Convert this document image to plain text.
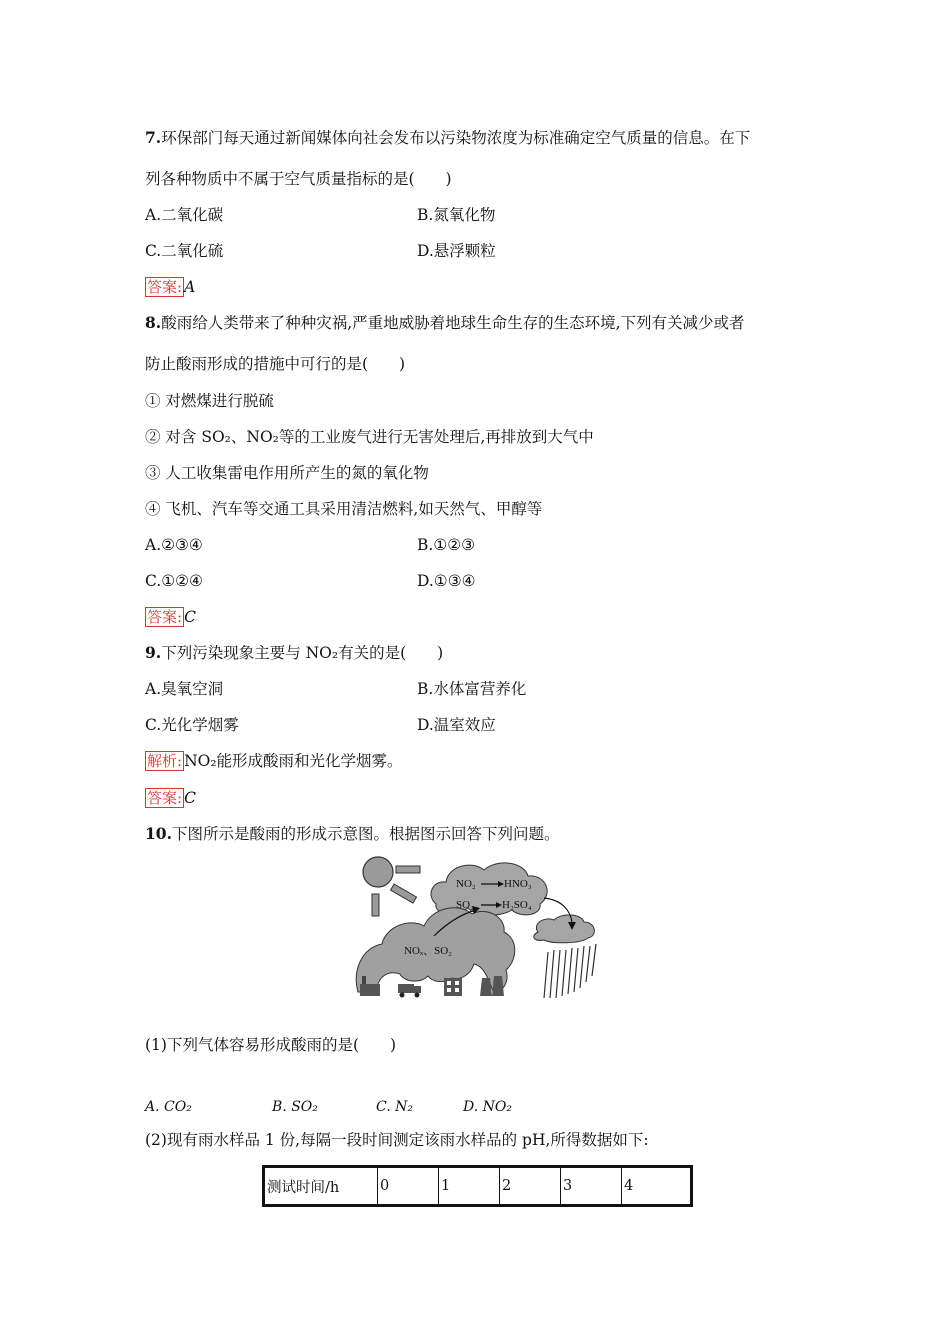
7.环保部门每天通过新闻媒体向社会发布以污染物浓度为标准确定空气质量的信息。在下
列各种物质中不属于空气质量指标的是(　　)
A.二氧化碳	B.氮氧化物
C.二氧化硫	D.悬浮颗粒
答案: A
8.酸雨给人类带来了种种灾祸,严重地威胁着地球生命生存的生态环境,下列有关减少或者
防止酸雨形成的措施中可行的是(　　)
① 对燃煤进行脱硫
② 对含 SO₂、NO₂等的工业废气进行无害处理后,再排放到大气中
③ 人工收集雷电作用所产生的氮的氧化物
④ 飞机、汽车等交通工具采用清洁燃料,如天然气、甲醇等
A.②③④	B.①②③
C.①②④	D.①③④
答案: C
9.下列污染现象主要与 NO₂有关的是(　　)
A.臭氧空洞	B.水体富营养化
C.光化学烟雾	D.温室效应
解析: NO₂能形成酸雨和光化学烟雾。
答案: C
10.下图所示是酸雨的形成示意图。根据图示回答下列问题。
NO₂	HNO₃
SO₂	H₂SO₄
NOₓ、SO₂
(1)下列气体容易形成酸雨的是(　　)
A. CO₂	B. SO₂	C. N₂	D. NO₂
(2)现有雨水样品 1 份,每隔一段时间测定该雨水样品的 pH,所得数据如下:
测试时间/h	0	1	2	3	4
